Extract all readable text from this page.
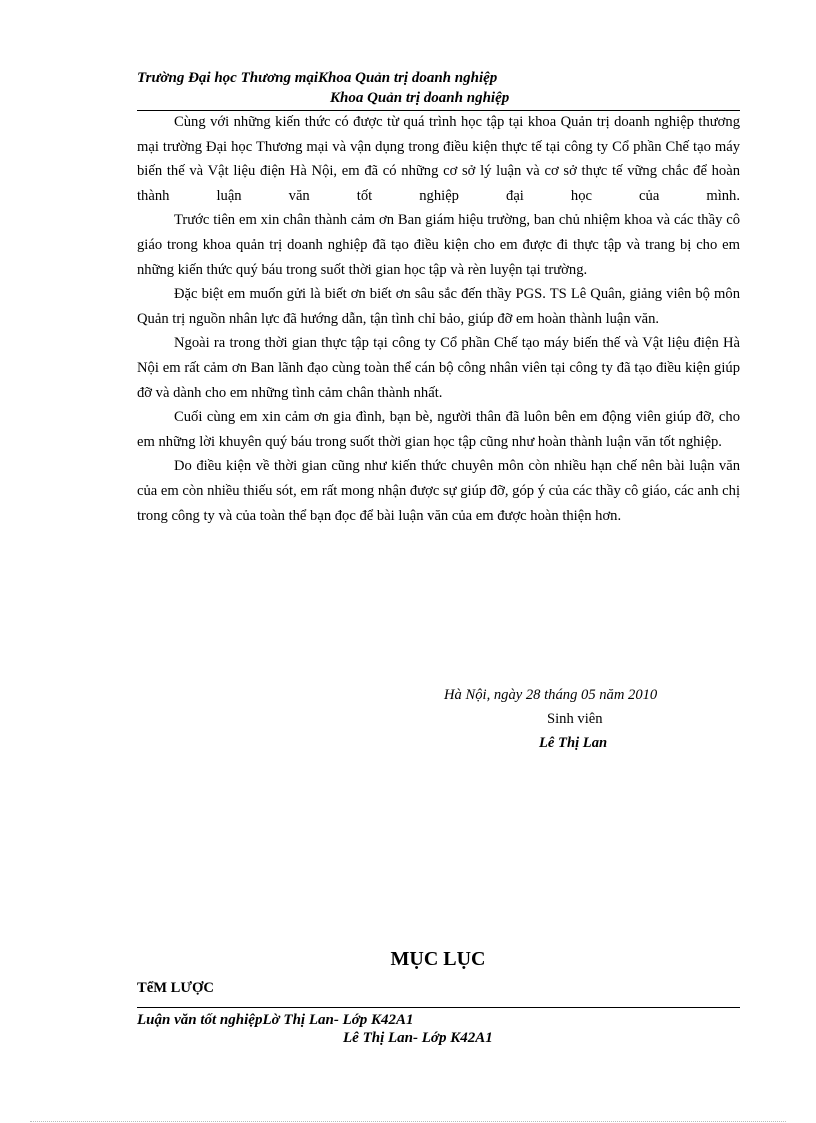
Trường Đại học Thương mạiKhoa Quản trị doanh nghiệp
Khoa Quản trị doanh nghiệp

Cùng với những kiến thức có được từ quá trình học tập tại khoa Quản trị doanh nghiệp thương mại trường Đại học Thương mại và vận dụng trong điều kiện thực tế tại công ty Cổ phần Chế tạo máy biến thế và Vật liệu điện Hà Nội, em đã có những cơ sở lý luận và cơ sở thực tế vững chắc để hoàn thành luận văn tốt nghiệp đại học của mình.

Trước tiên em xin chân thành cảm ơn Ban giám hiệu trường, ban chủ nhiệm khoa và các thầy cô giáo trong khoa quản trị doanh nghiệp đã tạo điều kiện cho em được đi thực tập và trang bị cho em những kiến thức quý báu trong suốt thời gian học tập và rèn luyện tại trường.

Đặc biệt em muốn gửi là biết ơn biết ơn sâu sắc đến thầy PGS. TS Lê Quân, giảng viên bộ môn Quản trị nguồn nhân lực đã hướng dẫn, tận tình chỉ bảo, giúp đỡ em hoàn thành luận văn.

Ngoài ra trong thời gian thực tập tại công ty Cổ phần Chế tạo máy biến thế và Vật liệu điện Hà Nội em rất cảm ơn Ban lãnh đạo cùng toàn thể cán bộ công nhân viên tại công ty đã tạo điều kiện giúp đỡ và dành cho em những tình cảm chân thành nhất.

Cuối cùng em xin cảm ơn gia đình, bạn bè, người thân đã luôn bên em động viên giúp đỡ, cho em những lời khuyên quý báu trong suốt thời gian học tập cũng như hoàn thành luận văn tốt nghiệp.

Do điều kiện về thời gian cũng như kiến thức chuyên môn còn nhiều hạn chế nên bài luận văn của em còn nhiều thiếu sót, em rất mong nhận được sự giúp đỡ, góp ý của các thầy cô giáo, các anh chị trong công ty và của toàn thể bạn đọc để bài luận văn của em được hoàn thiện hơn.

Hà Nội, ngày 28 tháng 05 năm 2010
Sinh viên
Lê Thị Lan
MỤC LỤC
TểM LƯỢC
Luận văn tốt nghiệpLờ Thị Lan- Lớp K42A1
Lê Thị Lan- Lớp K42A1
